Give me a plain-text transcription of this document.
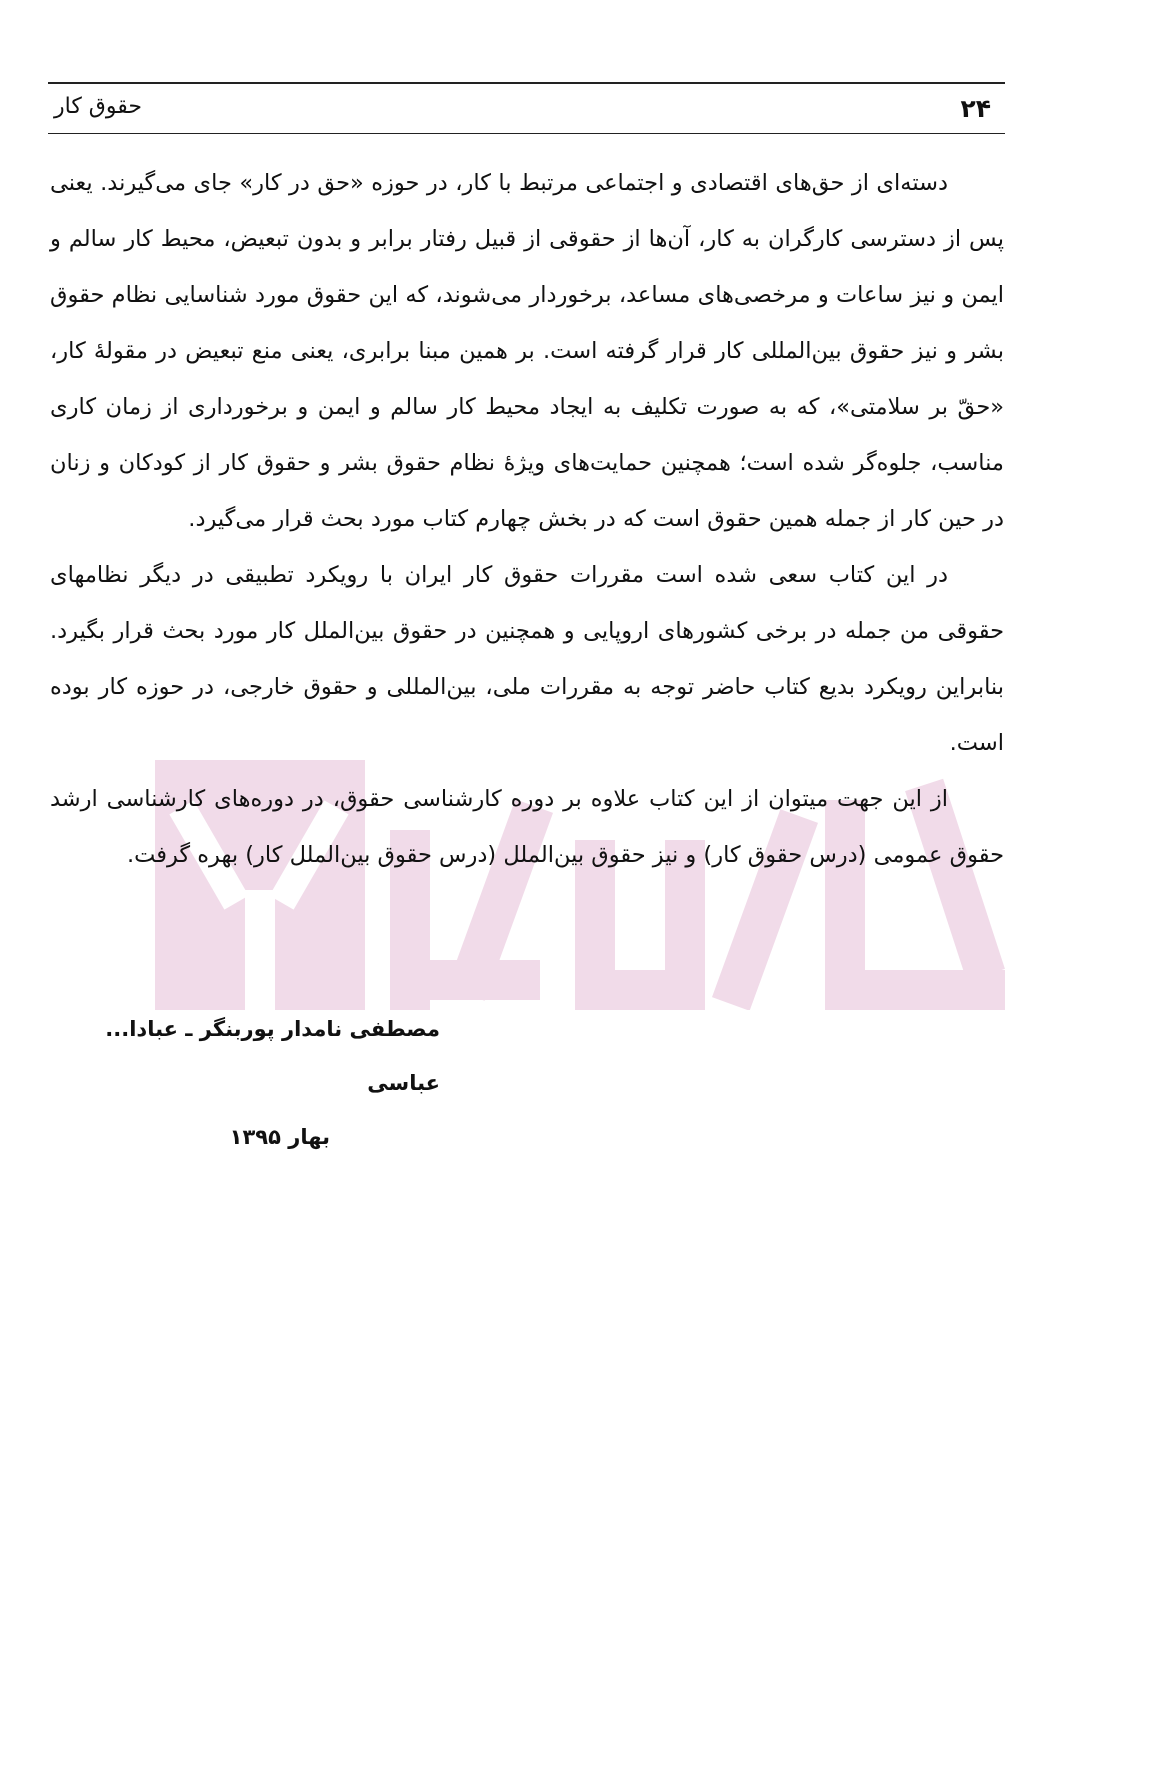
۲۴
حقوق کار

دسته‌ای از حق‌های اقتصادی و اجتماعی مرتبط با کار، در حوزه «حق در کار» جای می‌گیرند. یعنی پس از دسترسی کارگران به کار، آن‌ها از حقوقی از قبیل رفتار برابر و بدون تبعیض، محیط کار سالم و ایمن و نیز ساعات و مرخصی‌های مساعد، برخوردار می‌شوند، که این حقوق مورد شناسایی نظام حقوق بشر و نیز حقوق بین‌المللی کار قرار گرفته است. بر همین مبنا برابری، یعنی منع تبعیض در مقولهٔ کار، «حقّ بر سلامتی»، که به صورت تکلیف به ایجاد محیط کار سالم و ایمن و برخورداری از زمان کاری مناسب، جلوه‌گر شده است؛ همچنین حمایت‌های ویژهٔ نظام حقوق بشر و حقوق کار از کودکان و زنان در حین کار از جمله همین حقوق است که در بخش چهارم کتاب مورد بحث قرار می‌گیرد.

در این کتاب سعی شده است مقررات حقوق کار ایران با رویکرد تطبیقی در دیگر نظامهای حقوقی من جمله در برخی کشورهای اروپایی و همچنین در حقوق بین‌الملل کار مورد بحث قرار بگیرد. بنابراین رویکرد بدیع کتاب حاضر توجه به مقررات ملی، بین‌المللی و حقوق خارجی، در حوزه کار بوده است.

از این جهت میتوان از این کتاب علاوه بر دوره کارشناسی حقوق، در دوره‌های کارشناسی ارشد حقوق عمومی (درس حقوق کار) و نیز حقوق بین‌الملل (درس حقوق بین‌الملل کار) بهره گرفت.

مصطفی نامدار پوربنگر ـ عبادا... عباسی
بهار ۱۳۹۵
